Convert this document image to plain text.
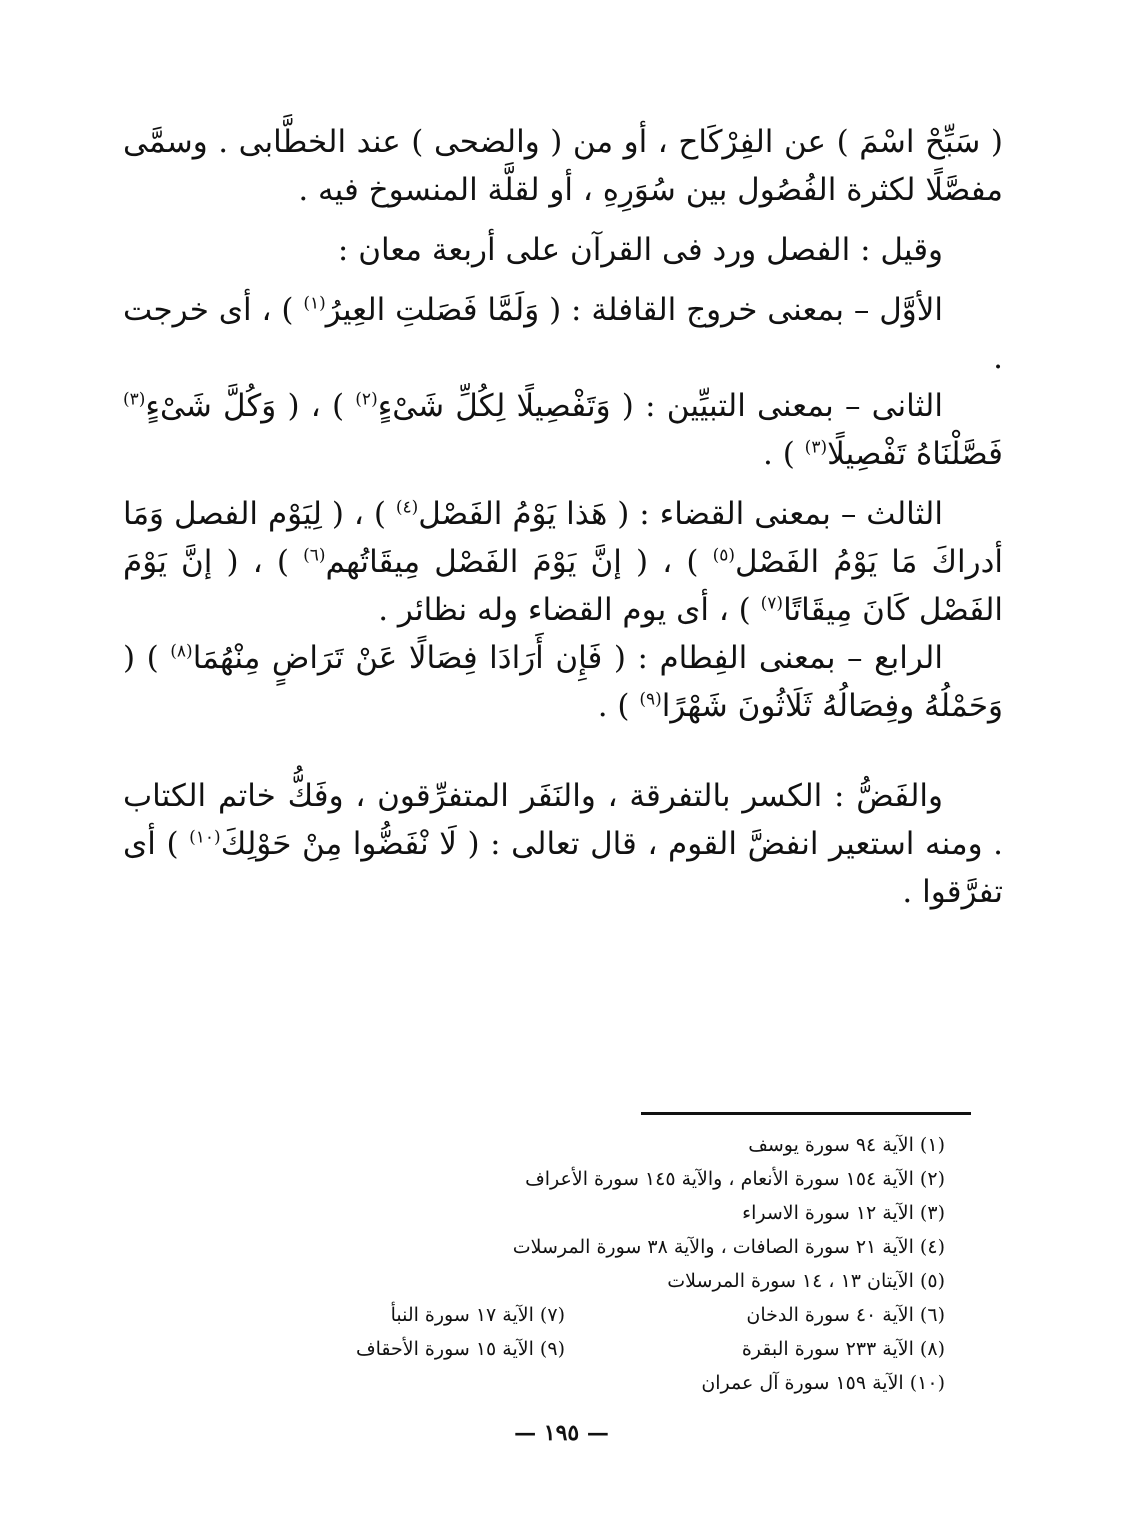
( سَبِّحْ اسْمَ ) عن الفِرْكَاح ، أو من ( والضحى ) عند الخطَّابى . وسمَّى مفصَّلًا لكثرة الفُصُول بين سُوَرِهِ ، أو لقلَّة المنسوخ فيه .

وقيل : الفصل ورد فى القرآن على أربعة معان :

الأوَّل – بمعنى خروج القافلة : ( وَلَمَّا فَصَلتِ العِيرُ$^{(١)}$ ) ، أى خرجت .

الثانى – بمعنى التبيِّين : ( وَتَفْصِيلًا لِكُلِّ شَىْءٍ$^{(٢)}$ ) ، ( وَكُلَّ شَىْءٍ$^{(٣)}$ فَصَّلْنَاهُ تَفْصِيلًا$^{(٣)}$ ) .

الثالث – بمعنى القضاء : ( هَذا يَوْمُ الفَصْل$^{(٤)}$ ) ، ( لِيَوْم الفصل وَمَا أدراكَ مَا يَوْمُ الفَصْل$^{(٥)}$ ) ، ( إنَّ يَوْمَ الفَصْل مِيقَاتُهم$^{(٦)}$ ) ، ( إنَّ يَوْمَ الفَصْل كَانَ مِيقَاتًا$^{(٧)}$ ) ، أى يوم القضاء وله نظائر .

الرابع – بمعنى الفِطام : ( فَإِن أَرَادَا فِصَالًا عَنْ تَرَاضٍ مِنْهُمَا$^{(٨)}$ ) ( وَحَمْلُهُ وفِصَالُهُ ثَلَاثُونَ شَهْرًا$^{(٩)}$ ) .

والفَضُّ : الكسر بالتفرقة ، والنَفَر المتفرِّقون ، وفَكُّ خاتم الكتاب . ومنه استعير انفضَّ القوم ، قال تعالى : ( لَا نْفَضُّوا مِنْ حَوْلِكَ$^{(١٠)}$ ) أى تفرَّقوا .

(١) الآية ٩٤ سورة يوسف
(٢) الآية ١٥٤ سورة الأنعام ، والآية ١٤٥ سورة الأعراف
(٣) الآية ١٢ سورة الاسراء
(٤) الآية ٢١ سورة الصافات ، والآية ٣٨ سورة المرسلات
(٥) الآيتان ١٣ ، ١٤ سورة المرسلات
(٦) الآية ٤٠ سورة الدخان
(٧) الآية ١٧ سورة النبأ
(٨) الآية ٢٣٣ سورة البقرة
(٩) الآية ١٥ سورة الأحقاف
(١٠) الآية ١٥٩ سورة آل عمران
— ١٩٥ —
